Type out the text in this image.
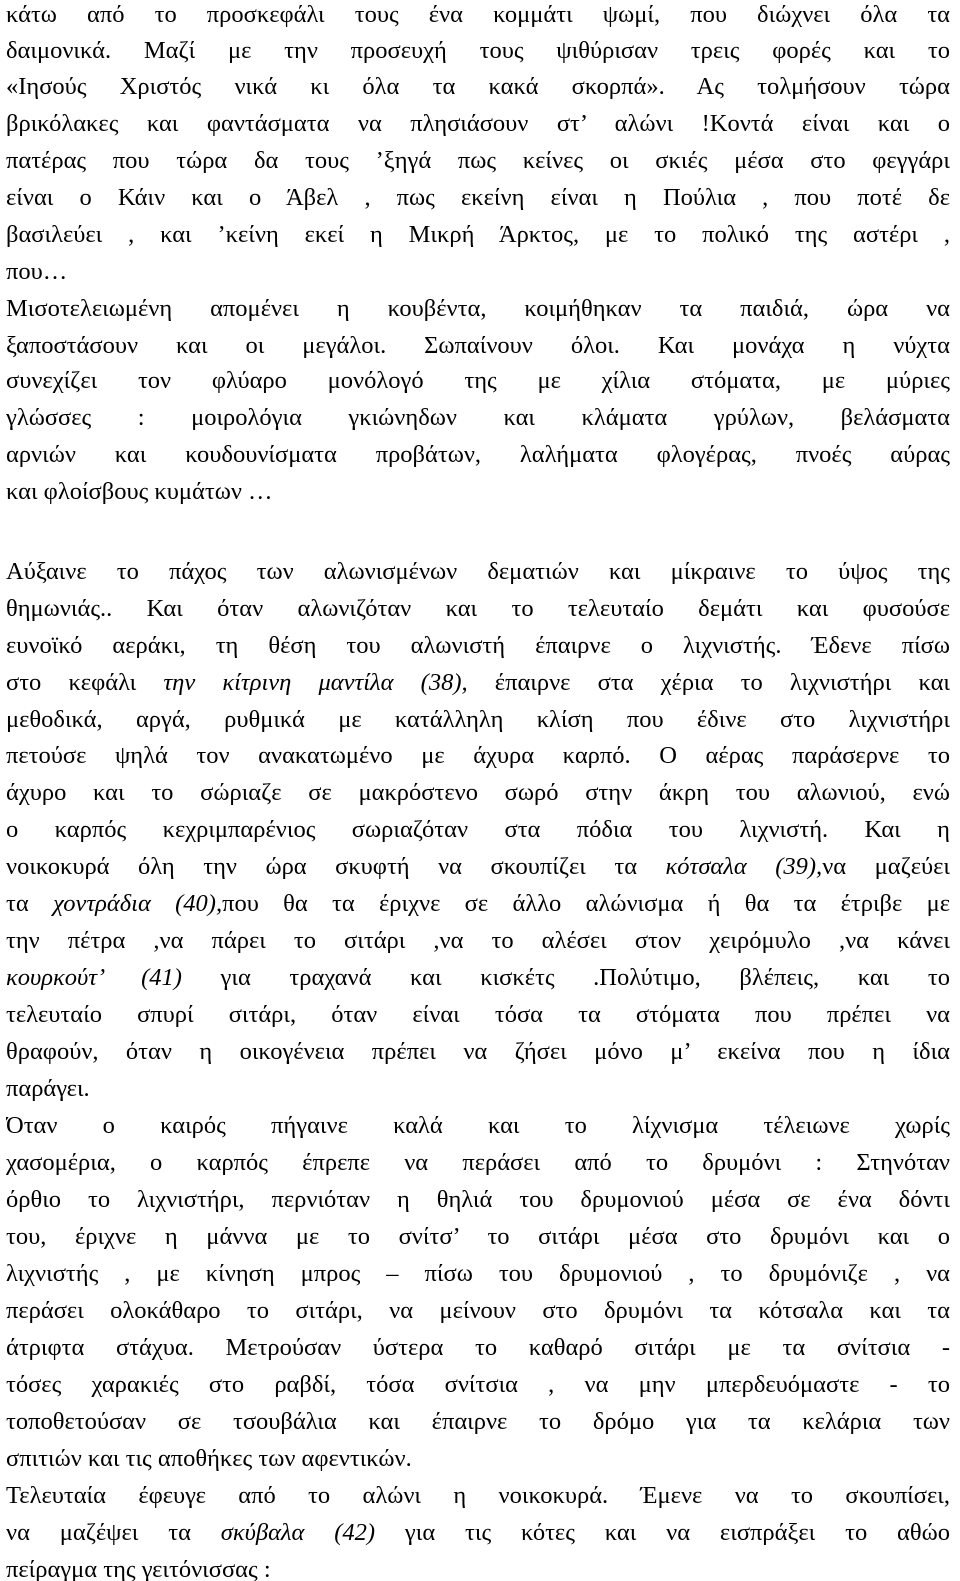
κάτω από το προσκεφάλι τους ένα κομμάτι ψωμί, που διώχνει όλα τα
δαιμονικά. Μαζί με την προσευχή τους ψιθύρισαν τρεις φορές και το
«Ιησούς Χριστός νικά κι όλα τα κακά σκορπά». Ας τολμήσουν τώρα
βρικόλακες και φαντάσματα να πλησιάσουν στ’ αλώνι !Κοντά είναι και ο
πατέρας που τώρα δα τους ’ξηγά πως κείνες οι σκιές μέσα στο φεγγάρι
είναι ο Κάιν και ο Άβελ , πως εκείνη είναι η Πούλια , που ποτέ δε
βασιλεύει , και ’κείνη εκεί η Μικρή Άρκτος, με το πολικό της αστέρι ,
που…
Μισοτελειωμένη απομένει η κουβέντα, κοιμήθηκαν τα παιδιά, ώρα να
ξαποστάσουν και οι μεγάλοι. Σωπαίνουν όλοι. Και μονάχα η νύχτα
συνεχίζει τον φλύαρο μονόλογό της με χίλια στόματα, με μύριες
γλώσσες : μοιρολόγια γκιώνηδων και κλάματα γρύλων, βελάσματα
αρνιών και κουδουνίσματα προβάτων, λαλήματα φλογέρας, πνοές αύρας
και φλοίσβους κυμάτων …
Αύξαινε το πάχος των αλωνισμένων δεματιών και μίκραινε το ύψος της
θημωνιάς.. Και όταν αλωνιζόταν και το τελευταίο δεμάτι και φυσούσε
ευνοϊκό αεράκι, τη θέση του αλωνιστή έπαιρνε ο λιχνιστής. Έδενε πίσω
στο κεφάλι την κίτρινη μαντίλα (38), έπαιρνε στα χέρια το λιχνιστήρι και
μεθοδικά, αργά, ρυθμικά με κατάλληλη κλίση που έδινε στο λιχνιστήρι
πετούσε ψηλά τον ανακατωμένο με άχυρα καρπό. Ο αέρας παράσερνε το
άχυρο και το σώριαζε σε μακρόστενο σωρό στην άκρη του αλωνιού, ενώ
ο καρπός κεχριμπαρένιος σωριαζόταν στα πόδια του λιχνιστή. Και η
νοικοκυρά όλη την ώρα σκυφτή να σκουπίζει τα κότσαλα (39),να μαζεύει
τα χοντράδια (40),που θα τα έριχνε σε άλλο αλώνισμα ή θα τα έτριβε με
την πέτρα ,να πάρει το σιτάρι ,να το αλέσει στον χειρόμυλο ,να κάνει
κουρκούτ’ (41) για τραχανά και κισκέτς .Πολύτιμο, βλέπεις, και το
τελευταίο σπυρί σιτάρι, όταν είναι τόσα τα στόματα που πρέπει να
θραφούν, όταν η οικογένεια πρέπει να ζήσει μόνο μ’ εκείνα που η ίδια
παράγει.
Όταν ο καιρός πήγαινε καλά και το λίχνισμα τέλειωνε χωρίς
χασομέρια, ο καρπός έπρεπε να περάσει από το δρυμόνι : Στηνόταν
όρθιο το λιχνιστήρι, περνιόταν η θηλιά του δρυμονιού μέσα σε ένα δόντι
του, έριχνε η μάννα με το σνίτσ’ το σιτάρι μέσα στο δρυμόνι και ο
λιχνιστής , με κίνηση μπρος – πίσω του δρυμονιού , το δρυμόνιζε , να
περάσει ολοκάθαρο το σιτάρι, να μείνουν στο δρυμόνι τα κότσαλα και τα
άτριφτα στάχυα. Μετρούσαν ύστερα το καθαρό σιτάρι με τα σνίτσια -
τόσες χαρακιές στο ραβδί, τόσα σνίτσια , να μην μπερδευόμαστε - το
τοποθετούσαν σε τσουβάλια και έπαιρνε το δρόμο για τα κελάρια των
σπιτιών και τις αποθήκες των αφεντικών.
Τελευταία έφευγε από το αλώνι η νοικοκυρά. Έμενε να το σκουπίσει,
να μαζέψει τα σκύβαλα (42) για τις κότες και να εισπράξει το αθώο
πείραγμα της γειτόνισσας :
